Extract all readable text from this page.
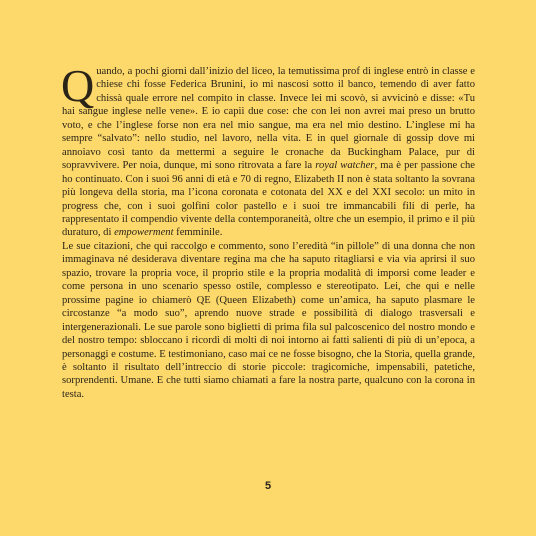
Quando, a pochi giorni dall’inizio del liceo, la temutissima prof di inglese entrò in classe e chiese chi fosse Federica Brunini, io mi nascosi sotto il banco, temendo di aver fatto chissà quale errore nel compito in classe. Invece lei mi scovò, si avvicinò e disse: «Tu hai sangue inglese nelle vene». E io capii due cose: che con lei non avrei mai preso un brutto voto, e che l’inglese forse non era nel mio sangue, ma era nel mio destino. L’inglese mi ha sempre “salvato”: nello studio, nel lavoro, nella vita. E in quel giornale di gossip dove mi annoiavo così tanto da mettermi a seguire le cronache da Buckingham Palace, pur di sopravvivere. Per noia, dunque, mi sono ritrovata a fare la royal watcher, ma è per passione che ho continuato. Con i suoi 96 anni di età e 70 di regno, Elizabeth II non è stata soltanto la sovrana più longeva della storia, ma l’icona coronata e cotonata del XX e del XXI secolo: un mito in progress che, con i suoi golfini color pastello e i suoi tre immancabili fili di perle, ha rappresentato il compendio vivente della contemporaneità, oltre che un esempio, il primo e il più duraturo, di empowerment femminile.

Le sue citazioni, che qui raccolgo e commento, sono l’eredità “in pillole” di una donna che non immaginava né desiderava diventare regina ma che ha saputo ritagliarsi e via via aprirsi il suo spazio, trovare la propria voce, il proprio stile e la propria modalità di imporsi come leader e come persona in uno scenario spesso ostile, complesso e stereotipato. Lei, che qui e nelle prossime pagine io chiamerò QE (Queen Elizabeth) come un’amica, ha saputo plasmare le circostanze “a modo suo”, aprendo nuove strade e possibilità di dialogo trasversali e intergenerazionali. Le sue parole sono biglietti di prima fila sul palcoscenico del nostro mondo e del nostro tempo: sbloccano i ricordi di molti di noi intorno ai fatti salienti di più di un’epoca, a personaggi e costume. E testimoniano, caso mai ce ne fosse bisogno, che la Storia, quella grande, è soltanto il risultato dell’intreccio di storie piccole: tragicomiche, impensabili, patetiche, sorprendenti. Umane. E che tutti siamo chiamati a fare la nostra parte, qualcuno con la corona in testa.

5
